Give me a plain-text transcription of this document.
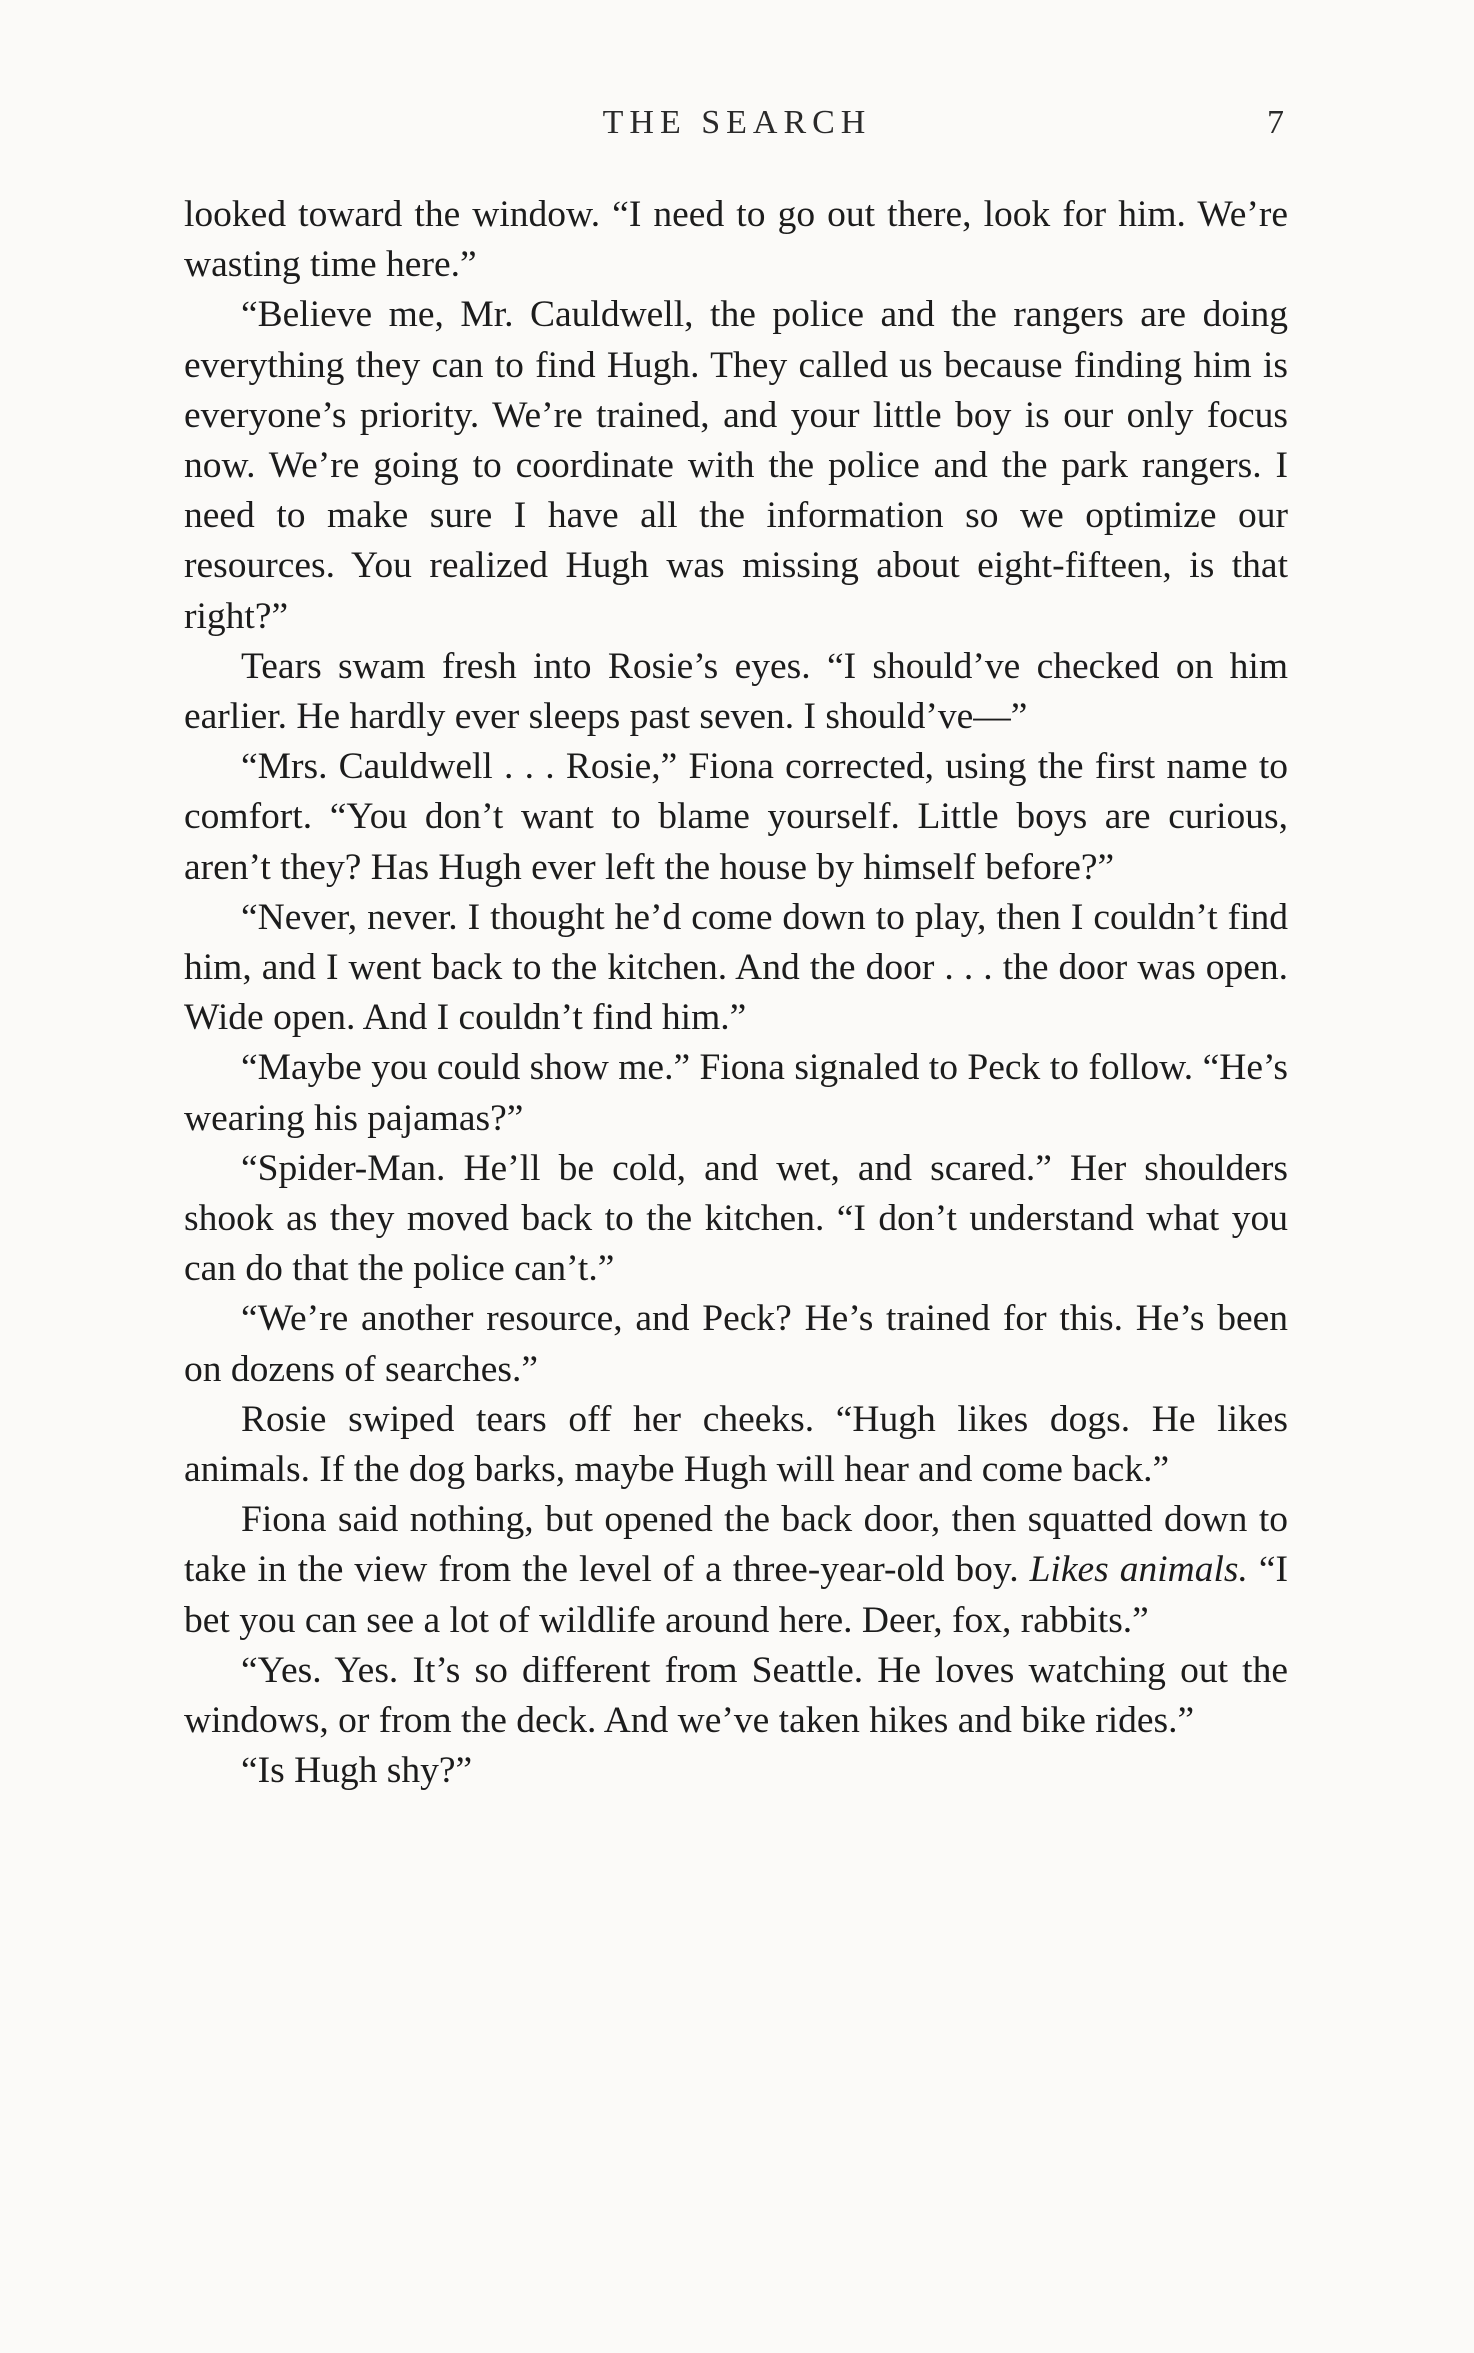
THE SEARCH	7

looked toward the window. “I need to go out there, look for him. We’re wasting time here.”

“Believe me, Mr. Cauldwell, the police and the rangers are doing everything they can to find Hugh. They called us because finding him is everyone’s priority. We’re trained, and your little boy is our only focus now. We’re going to coordinate with the police and the park rangers. I need to make sure I have all the information so we optimize our resources. You realized Hugh was missing about eight-fifteen, is that right?”

Tears swam fresh into Rosie’s eyes. “I should’ve checked on him earlier. He hardly ever sleeps past seven. I should’ve—”

“Mrs. Cauldwell . . . Rosie,” Fiona corrected, using the first name to comfort. “You don’t want to blame yourself. Little boys are curious, aren’t they? Has Hugh ever left the house by himself before?”

“Never, never. I thought he’d come down to play, then I couldn’t find him, and I went back to the kitchen. And the door . . . the door was open. Wide open. And I couldn’t find him.”

“Maybe you could show me.” Fiona signaled to Peck to follow. “He’s wearing his pajamas?”

“Spider-Man. He’ll be cold, and wet, and scared.” Her shoulders shook as they moved back to the kitchen. “I don’t understand what you can do that the police can’t.”

“We’re another resource, and Peck? He’s trained for this. He’s been on dozens of searches.”

Rosie swiped tears off her cheeks. “Hugh likes dogs. He likes animals. If the dog barks, maybe Hugh will hear and come back.”

Fiona said nothing, but opened the back door, then squatted down to take in the view from the level of a three-year-old boy. Likes animals. “I bet you can see a lot of wildlife around here. Deer, fox, rabbits.”

“Yes. Yes. It’s so different from Seattle. He loves watching out the windows, or from the deck. And we’ve taken hikes and bike rides.”

“Is Hugh shy?”
